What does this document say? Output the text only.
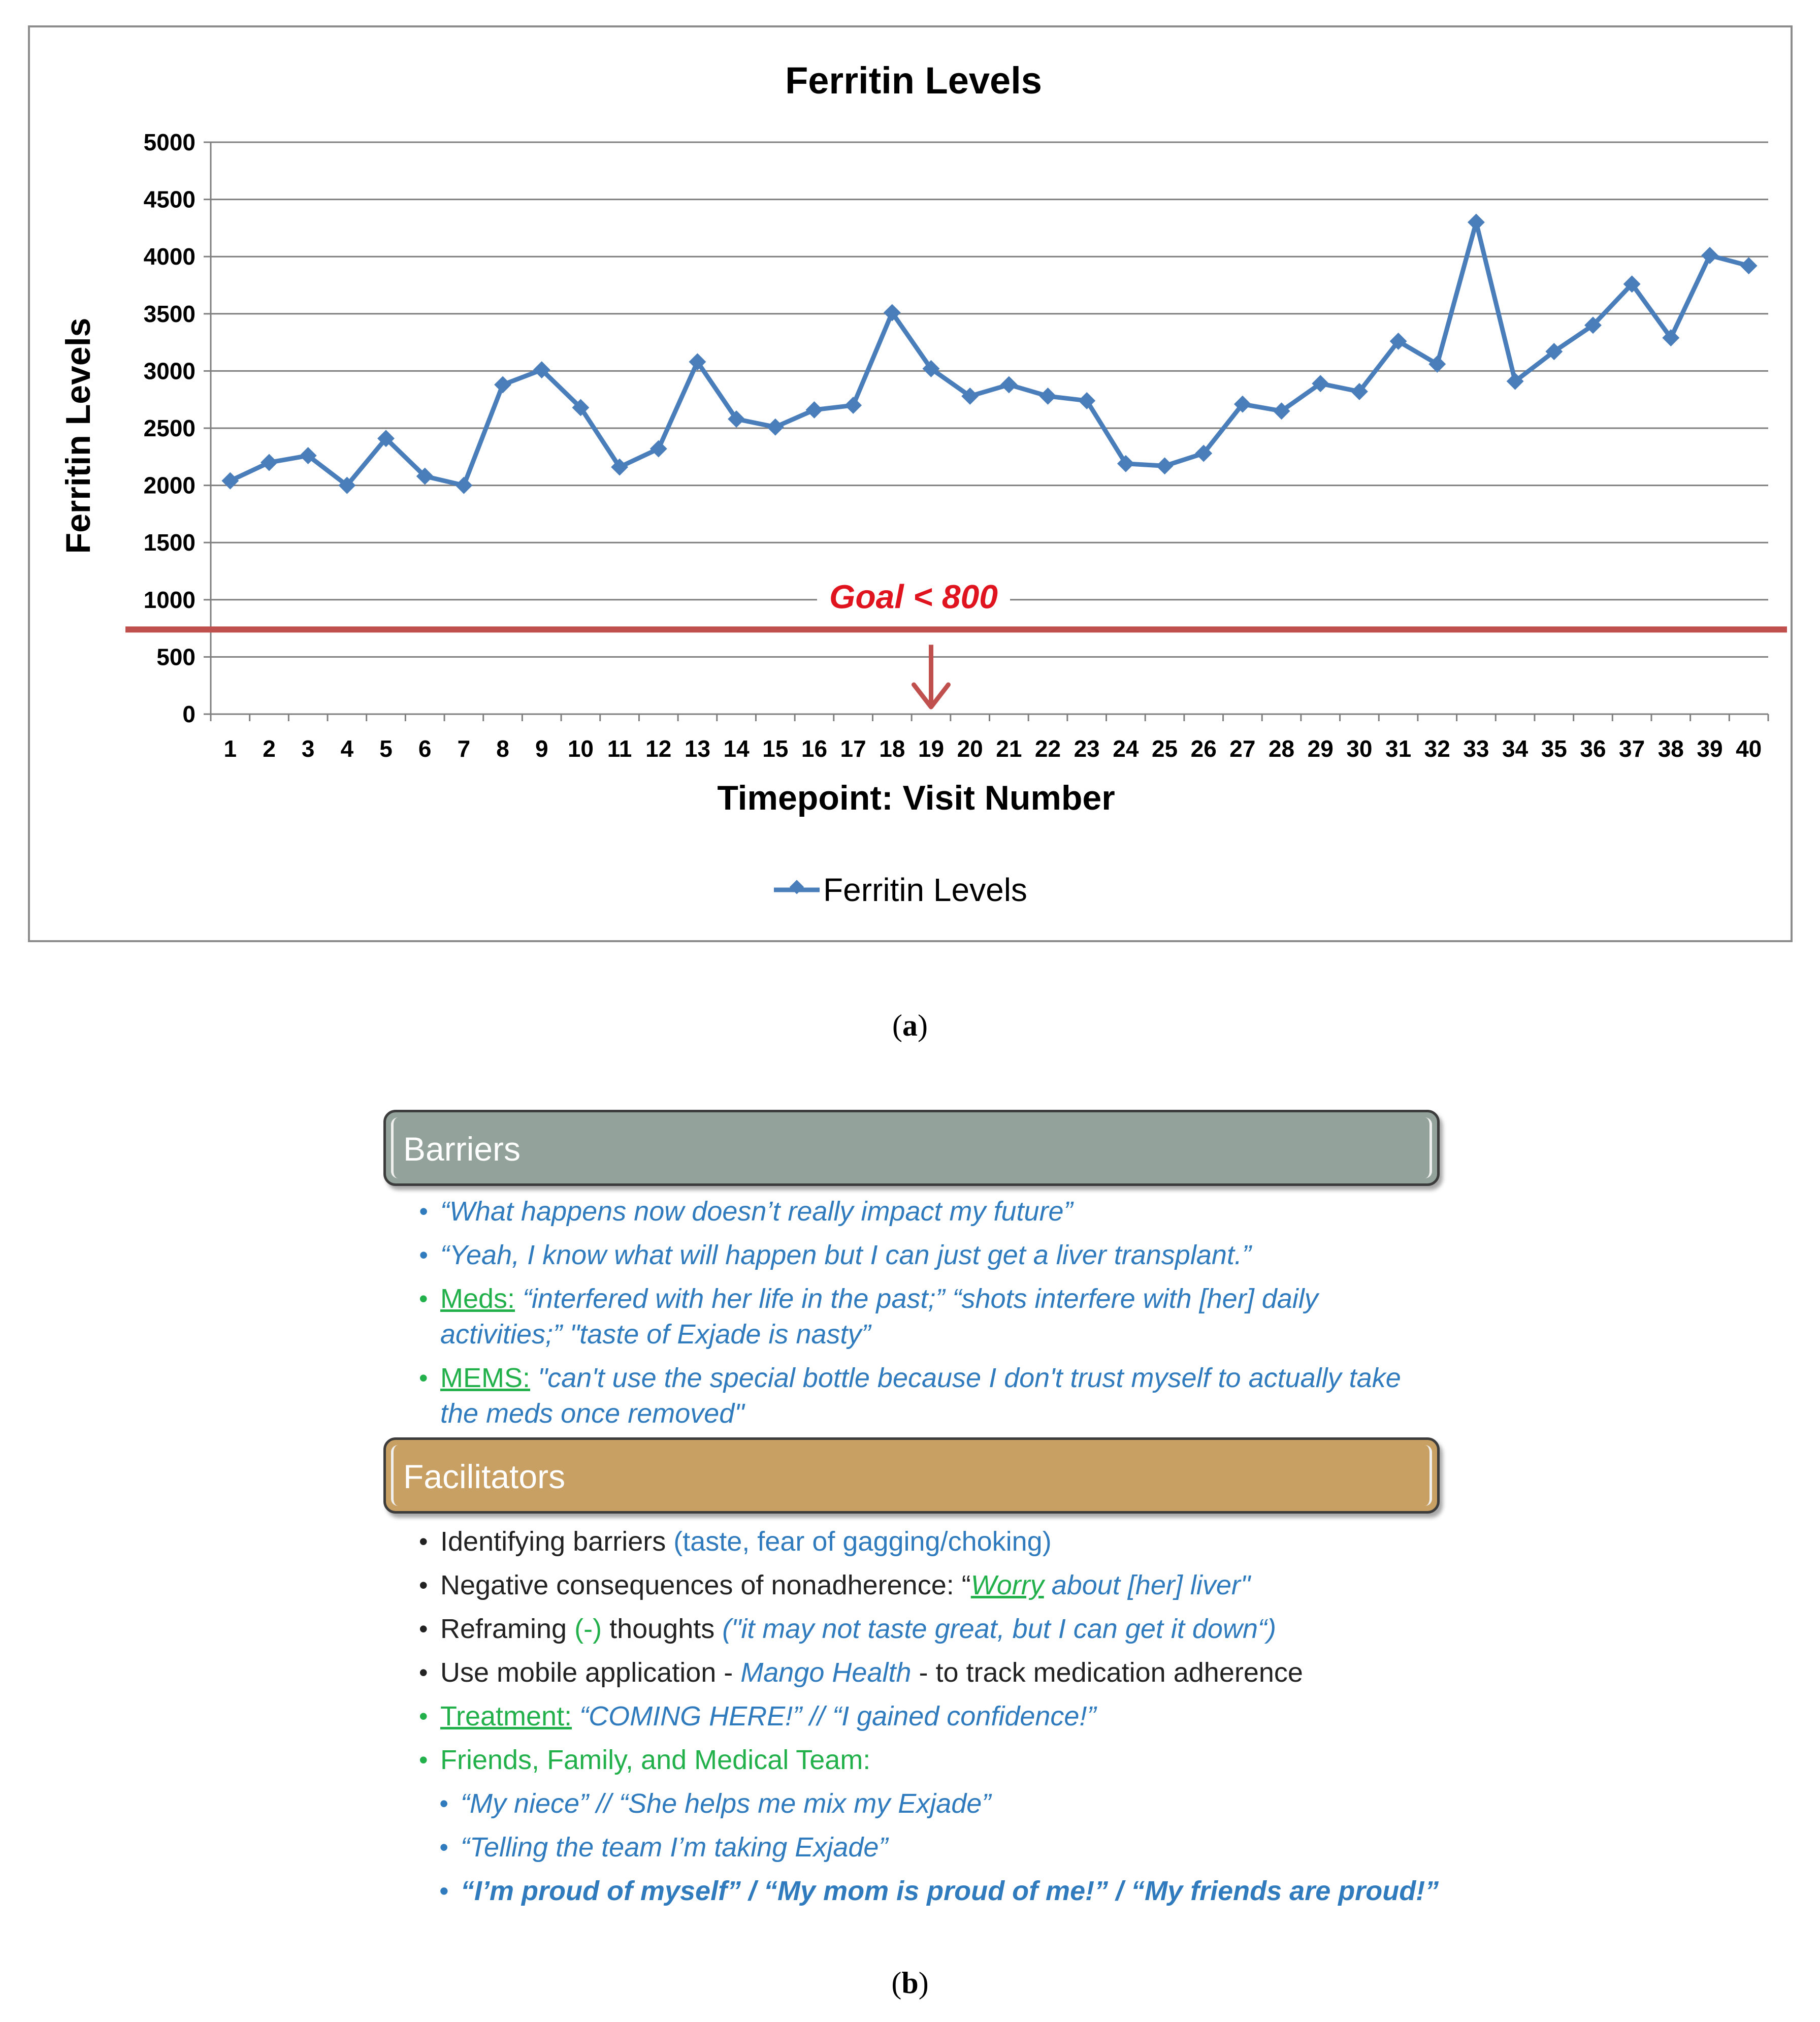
Ferritin Levels
0
500
1000
1500
2000
2500
3000
3500
4000
4500
5000
1 2 3 4 5 6 7 8 9 10 11 12 13 14 15 16 17 18 19 20 21 22 23 24 25 26 27 28 29 30 31 32 33 34 35 36 37 38 39 40
Ferritin Levels
Timepoint: Visit Number
Goal < 800
Ferritin Levels
(a)
Barriers
• “What happens now doesn’t really impact my future”
• “Yeah, I know what will happen but I can just get a liver transplant.”
• Meds: “interfered with her life in the past;” “shots interfere with [her] daily activities;” "taste of Exjade is nasty”
• MEMS: "can't use the special bottle because I don't trust myself to actually take the meds once removed"
Facilitators
• Identifying barriers (taste, fear of gagging/choking)
• Negative consequences of nonadherence: “Worry about [her] liver"
• Reframing (-) thoughts ("it may not taste great, but I can get it down“)
• Use mobile application - Mango Health - to track medication adherence
• Treatment: “COMING HERE!” // “I gained confidence!”
• Friends, Family, and Medical Team:
• “My niece” // “She helps me mix my Exjade”
• “Telling the team I’m taking Exjade”
• “I’m proud of myself” / “My mom is proud of me!” / “My friends are proud!”
(b)
